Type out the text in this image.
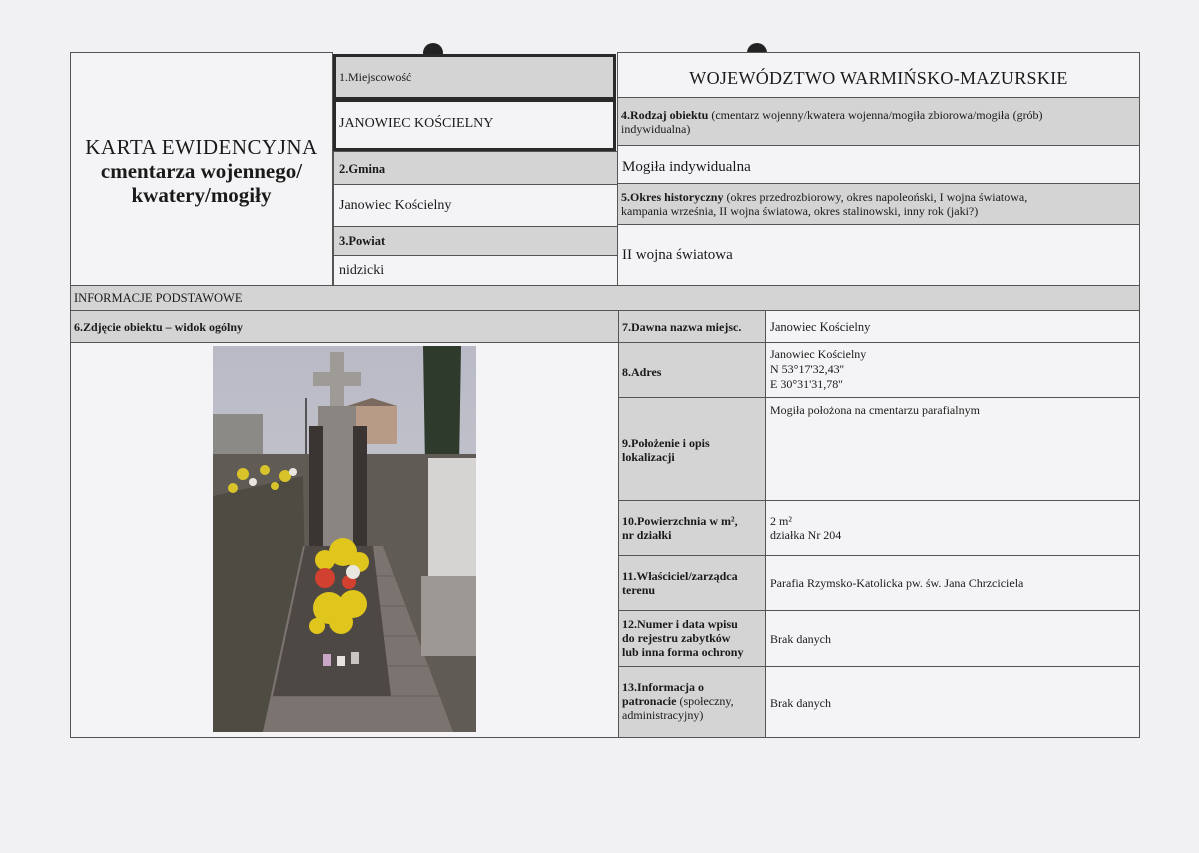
KARTA EWIDENCYJNA
cmentarza wojennego/
kwatery/mogiły
1.Miejscowość
JANOWIEC KOŚCIELNY
2.Gmina
Janowiec Kościelny
3.Powiat
nidzicki
WOJEWÓDZTWO WARMIŃSKO-MAZURSKIE
4.Rodzaj obiektu (cmentarz wojenny/kwatera wojenna/mogiła zbiorowa/mogiła (grób)
indywidualna)
Mogiła indywidualna
5.Okres historyczny (okres przedrozbiorowy, okres napoleoński, I wojna światowa,
kampania września, II wojna światowa, okres stalinowski, inny rok (jaki?)
II wojna światowa
INFORMACJE PODSTAWOWE
6.Zdjęcie obiektu – widok ogólny	7.Dawna nazwa miejsc. Janowiec Kościelny
8.Adres
Janowiec Kościelny
N 53°17'32,43''
E 30°31'31,78''
9.Położenie i opis
lokalizacji
Mogiła położona na cmentarzu parafialnym
10.Powierzchnia w m²,
nr działki
2 m²
działka Nr 204
11.Właściciel/zarządca
terenu	Parafia Rzymsko-Katolicka pw. św. Jana Chrzciciela
12.Numer i data wpisu
do rejestru zabytków
lub inna forma ochrony
Brak danych
13.Informacja o
patronacie (społeczny,
administracyjny)
Brak danych
